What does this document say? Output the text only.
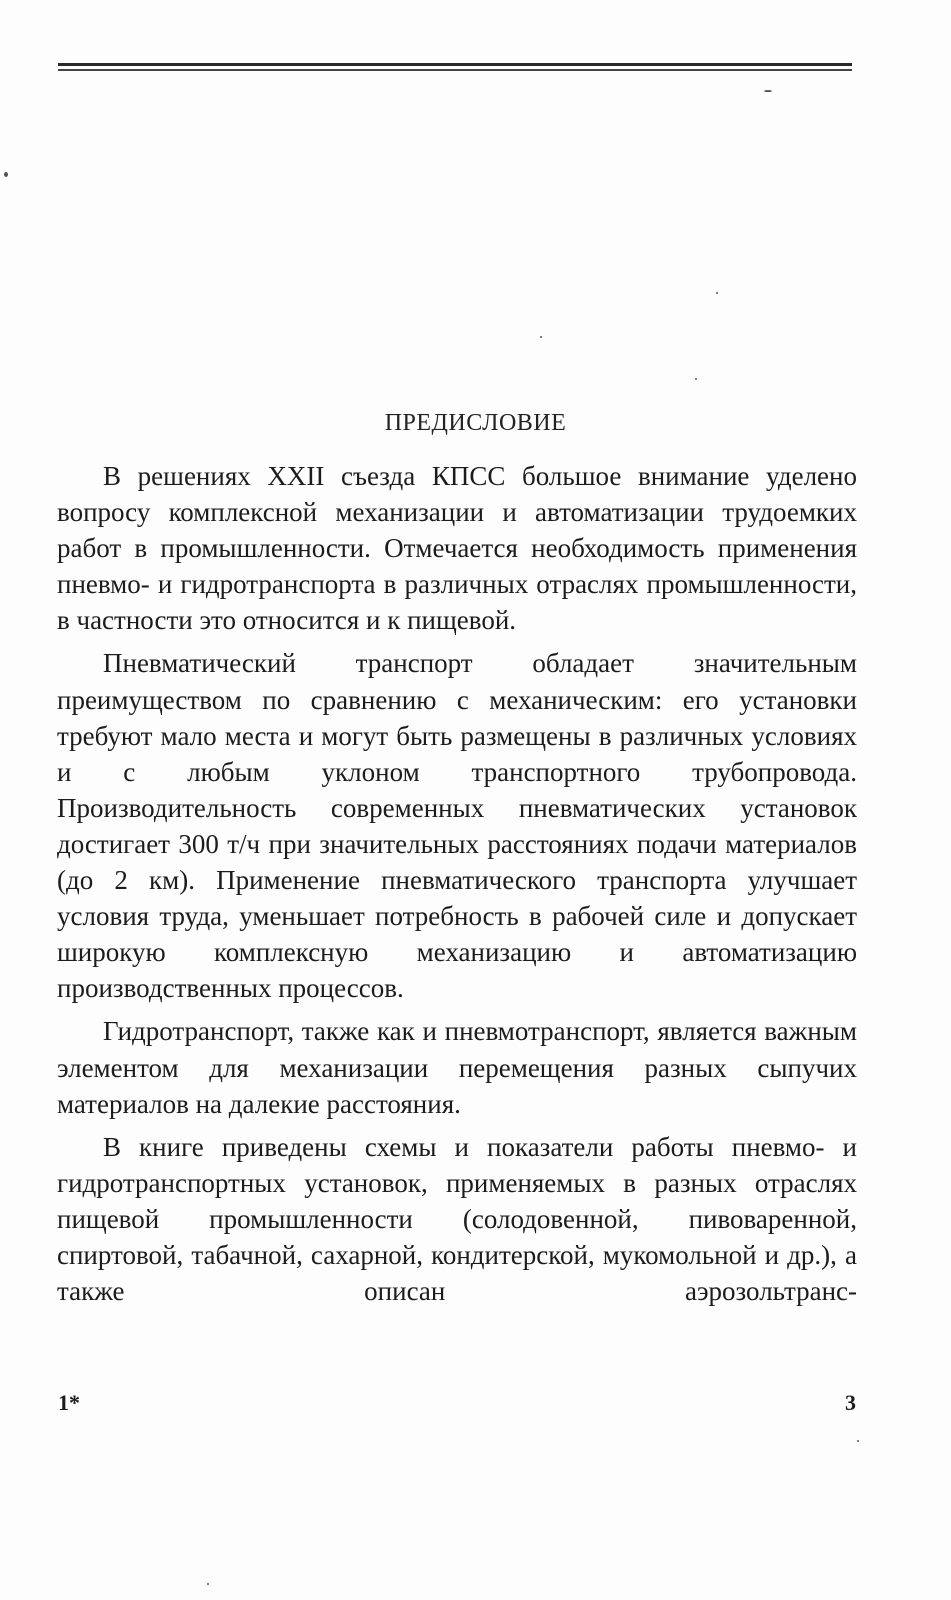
ПРЕДИСЛОВИЕ

В решениях XXII съезда КПСС большое внимание уделено вопросу комплексной механизации и автоматизации трудоемких работ в промышленности. Отмечается необходимость применения пневмо- и гидротранспорта в различных отраслях промышленности, в частности это относится и к пищевой.

Пневматический транспорт обладает значительным преимуществом по сравнению с механическим: его установки требуют мало места и могут быть размещены в различных условиях и с любым уклоном транспортного трубопровода. Производительность современных пневматических установок достигает 300 т/ч при значительных расстояниях подачи материалов (до 2 км). Применение пневматического транспорта улучшает условия труда, уменьшает потребность в рабочей силе и допускает широкую комплексную механизацию и автоматизацию производственных процессов.

Гидротранспорт, также как и пневмотранспорт, является важным элементом для механизации перемещения разных сыпучих материалов на далекие расстояния.

В книге приведены схемы и показатели работы пневмо- и гидротранспортных установок, применяемых в разных отраслях пищевой промышленности (солодовенной, пивоваренной, спиртовой, табачной, сахарной, кондитерской, мукомольной и др.), а также описан аэрозольтранс-

1*	3
